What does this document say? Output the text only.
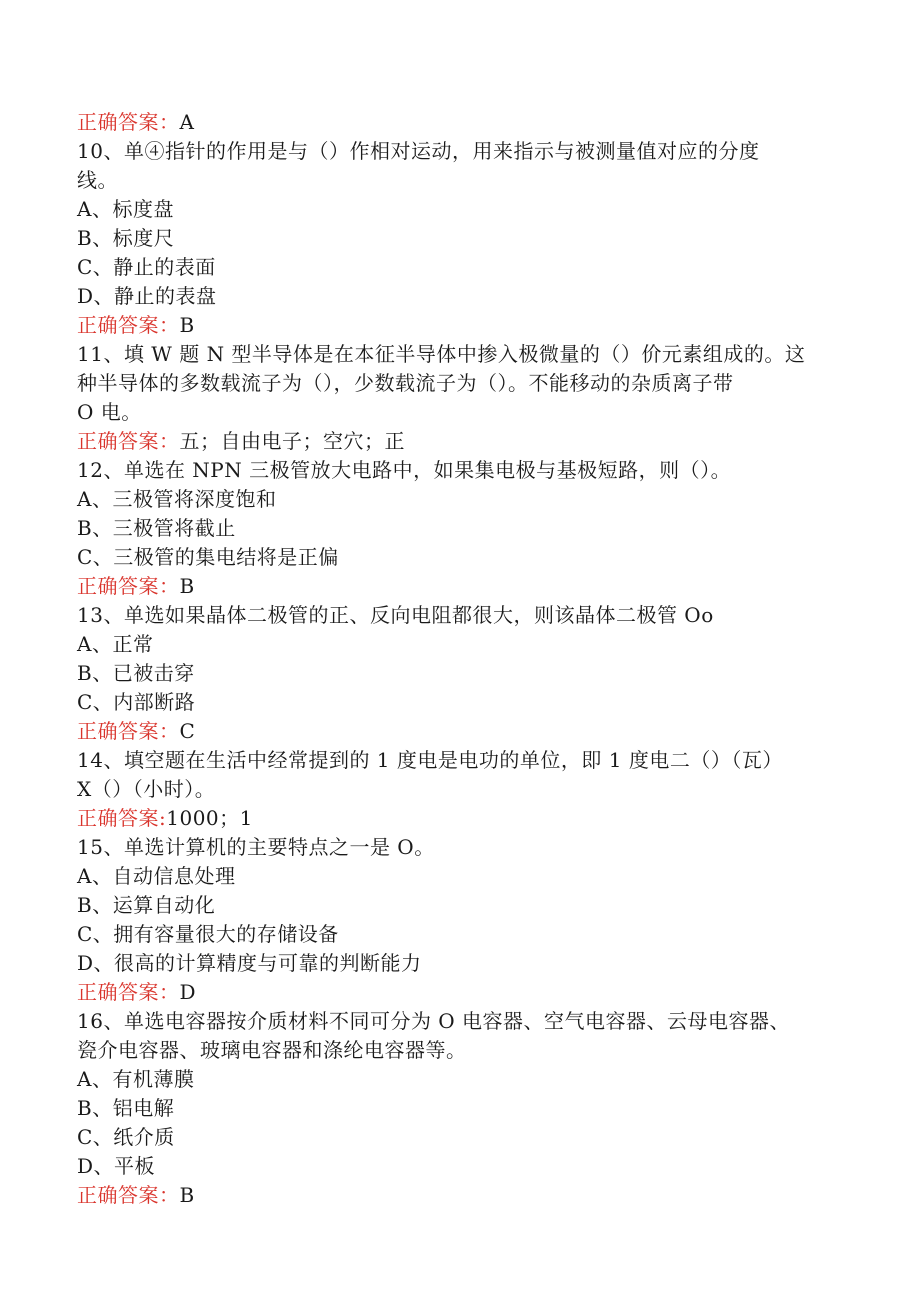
正确答案：A
10、单④指针的作用是与（）作相对运动，用来指示与被测量值对应的分度
线。
A、标度盘
B、标度尺
C、静止的表面
D、静止的表盘
正确答案：B
11、填 W 题 N 型半导体是在本征半导体中掺入极微量的（）价元素组成的。这
种半导体的多数载流子为（），少数载流子为（）。不能移动的杂质离子带
O 电。
正确答案：五；自由电子；空穴；正
12、单选在 NPN 三极管放大电路中，如果集电极与基极短路，则（）。
A、三极管将深度饱和
B、三极管将截止
C、三极管的集电结将是正偏
正确答案：B
13、单选如果晶体二极管的正、反向电阻都很大，则该晶体二极管 Oo
A、正常
B、已被击穿
C、内部断路
正确答案：C
14、填空题在生活中经常提到的 1 度电是电功的单位，即 1 度电二（）（瓦）
X（）（小时）。
正确答案:1000；1
15、单选计算机的主要特点之一是 O。
A、自动信息处理
B、运算自动化
C、拥有容量很大的存储设备
D、很高的计算精度与可靠的判断能力
正确答案：D
16、单选电容器按介质材料不同可分为 O 电容器、空气电容器、云母电容器、
瓷介电容器、玻璃电容器和涤纶电容器等。
A、有机薄膜
B、铝电解
C、纸介质
D、平板
正确答案：B
